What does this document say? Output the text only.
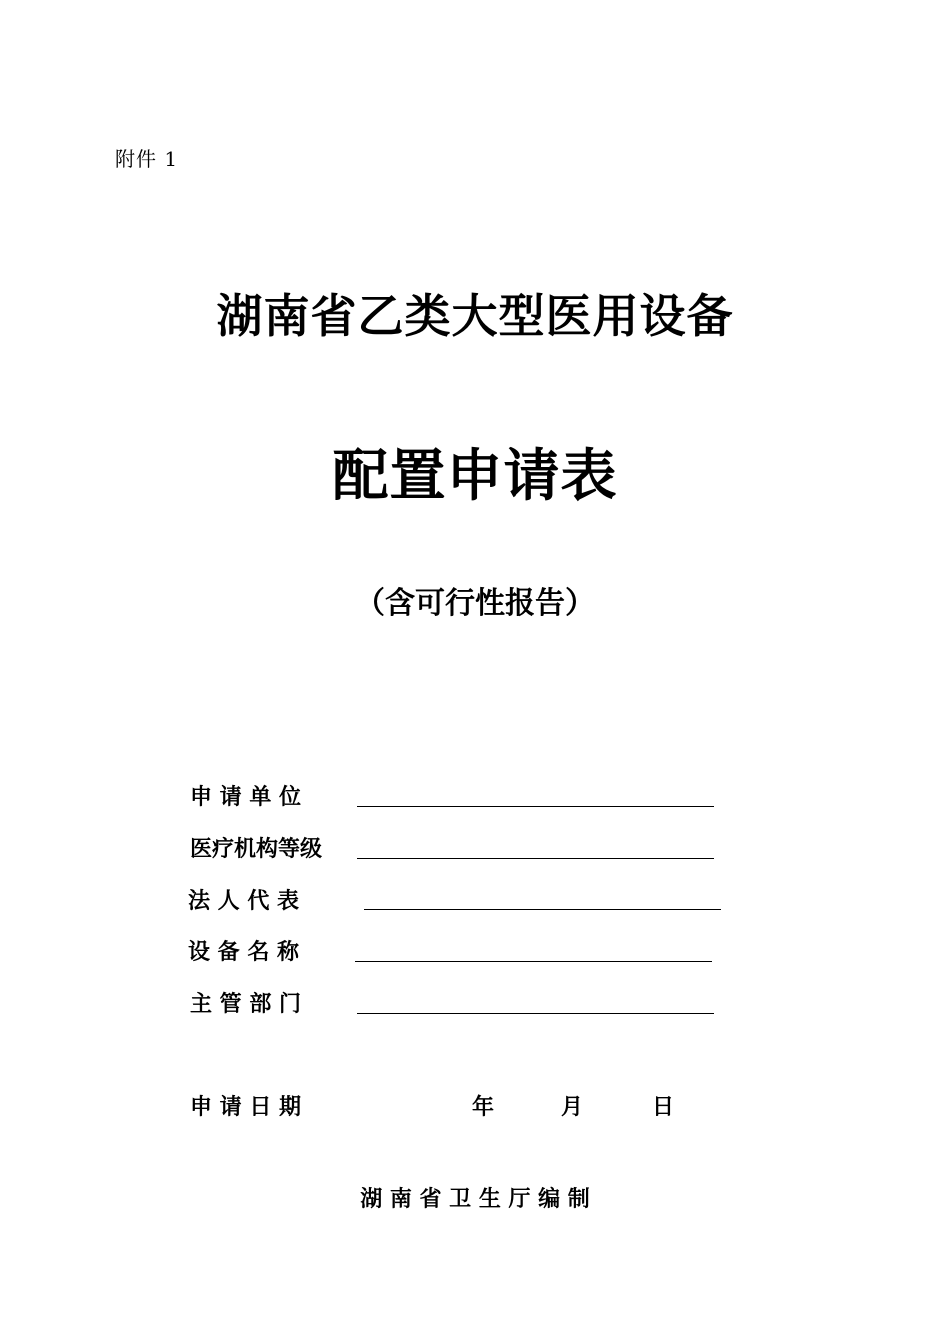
附件 1
湖南省乙类大型医用设备
配置申请表
（含可行性报告）
申 请 单 位
医疗机构等级
法 人 代 表
设 备 名 称
主 管 部 门
申 请 日 期	年	月	日
湖 南 省 卫 生 厅 编 制
